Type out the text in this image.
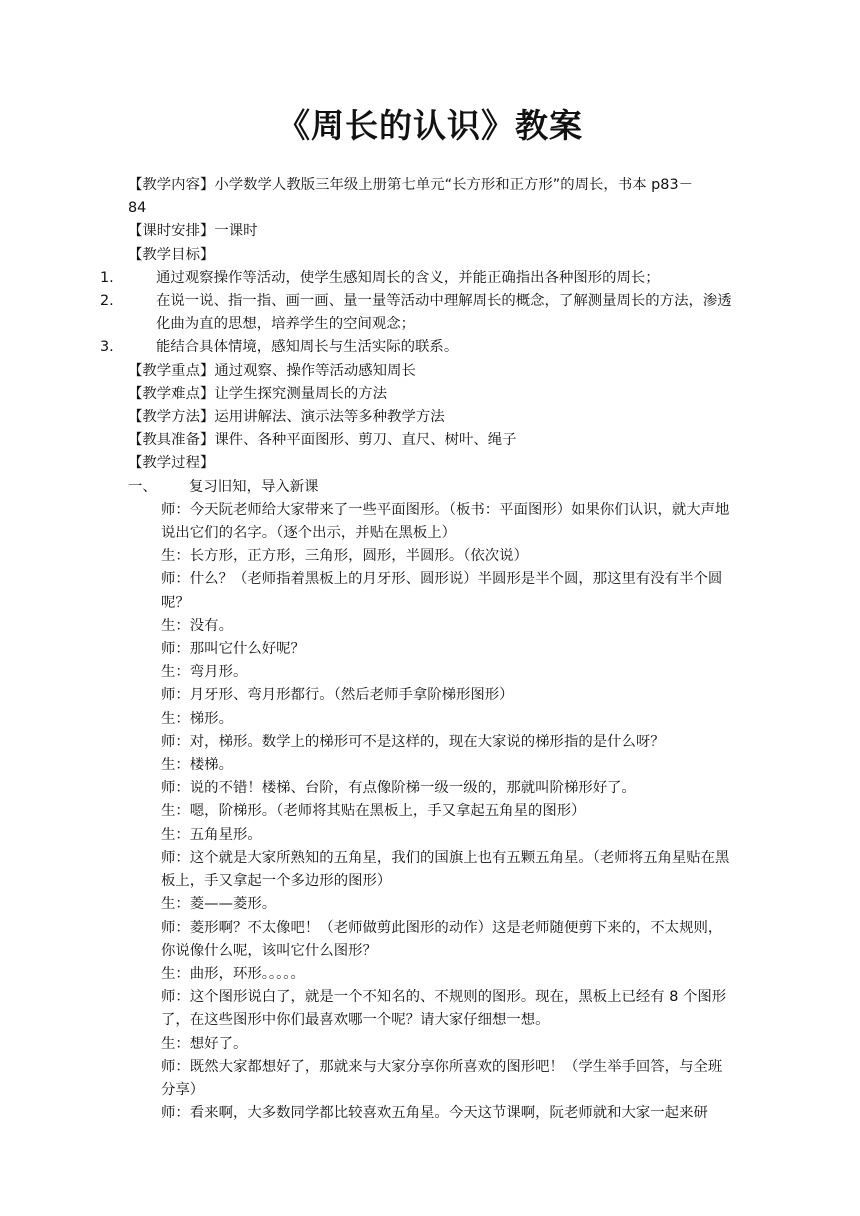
《周长的认识》教案
【教学内容】小学数学人教版三年级上册第七单元“长方形和正方形”的周长，书本 p83－
84
【课时安排】一课时
【教学目标】
1.	通过观察操作等活动，使学生感知周长的含义，并能正确指出各种图形的周长；
2.	在说一说、指一指、画一画、量一量等活动中理解周长的概念，了解测量周长的方法，渗透化曲为直的思想，培养学生的空间观念；
3.	能结合具体情境，感知周长与生活实际的联系。
【教学重点】通过观察、操作等活动感知周长
【教学难点】让学生探究测量周长的方法
【教学方法】运用讲解法、演示法等多种教学方法
【教具准备】课件、各种平面图形、剪刀、直尺、树叶、绳子
【教学过程】
一、 复习旧知，导入新课
师：今天阮老师给大家带来了一些平面图形。（板书：平面图形）如果你们认识，就大声地说出它们的名字。（逐个出示，并贴在黑板上）
生：长方形，正方形，三角形，圆形，半圆形。（依次说）
师：什么？（老师指着黑板上的月牙形、圆形说）半圆形是半个圆，那这里有没有半个圆呢？
生：没有。
师：那叫它什么好呢？
生：弯月形。
师：月牙形、弯月形都行。（然后老师手拿阶梯形图形）
生：梯形。
师：对，梯形。数学上的梯形可不是这样的，现在大家说的梯形指的是什么呀？
生：楼梯。
师：说的不错！楼梯、台阶，有点像阶梯一级一级的，那就叫阶梯形好了。
生：嗯，阶梯形。（老师将其贴在黑板上，手又拿起五角星的图形）
生：五角星形。
师：这个就是大家所熟知的五角星，我们的国旗上也有五颗五角星。（老师将五角星贴在黑板上，手又拿起一个多边形的图形）
生：菱——菱形。
师：菱形啊？不太像吧！（老师做剪此图形的动作）这是老师随便剪下来的，不太规则，你说像什么呢，该叫它什么图形？
生：曲形，环形。。。。。
师：这个图形说白了，就是一个不知名的、不规则的图形。现在，黑板上已经有 8 个图形了，在这些图形中你们最喜欢哪一个呢？请大家仔细想一想。
生：想好了。
师：既然大家都想好了，那就来与大家分享你所喜欢的图形吧！（学生举手回答，与全班分享）
师：看来啊，大多数同学都比较喜欢五角星。今天这节课啊，阮老师就和大家一起来研
